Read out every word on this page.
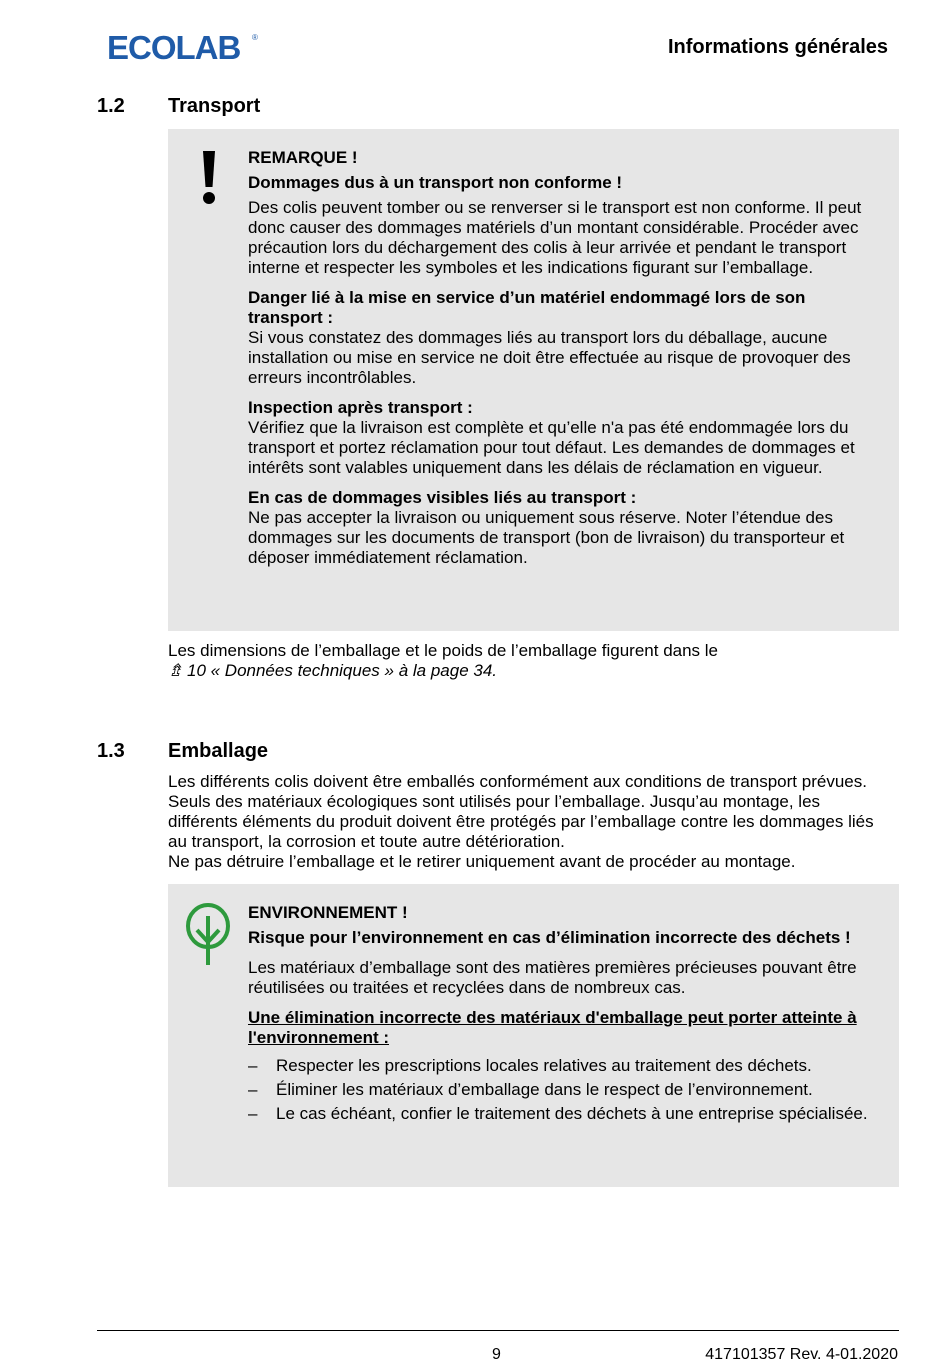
ECOLAB ®	Informations générales
1.2 Transport

REMARQUE !

Dommages dus à un transport non conforme !

Des colis peuvent tomber ou se renverser si le transport est non conforme. Il peut donc causer des dommages matériels d’un montant considérable. Procéder avec précaution lors du déchargement des colis à leur arrivée et pendant le transport interne et respecter les symboles et les indications figurant sur l’emballage.

Danger lié à la mise en service d’un matériel endommagé lors de son transport :

Si vous constatez des dommages liés au transport lors du déballage, aucune installation ou mise en service ne doit être effectuée au risque de provoquer des erreurs incontrôlables.

Inspection après transport :

Vérifiez que la livraison est complète et qu’elle n'a pas été endommagée lors du transport et portez réclamation pour tout défaut. Les demandes de dommages et intérêts sont valables uniquement dans les délais de réclamation en vigueur.

En cas de dommages visibles liés au transport :

Ne pas accepter la livraison ou uniquement sous réserve. Noter l’étendue des dommages sur les documents de transport (bon de livraison) du transporteur et déposer immédiatement réclamation.

Les dimensions de l’emballage et le poids de l’emballage figurent dans le

⇯ 10 « Données techniques » à la page 34.

1.3 Emballage

Les différents colis doivent être emballés conformément aux conditions de transport prévues. Seuls des matériaux écologiques sont utilisés pour l’emballage. Jusqu’au montage, les différents éléments du produit doivent être protégés par l’emballage contre les dommages liés au transport, la corrosion et toute autre détérioration.

Ne pas détruire l’emballage et le retirer uniquement avant de procéder au montage.

ENVIRONNEMENT !

Risque pour l’environnement en cas d’élimination incorrecte des déchets !

Les matériaux d’emballage sont des matières premières précieuses pouvant être réutilisées ou traitées et recyclées dans de nombreux cas.

Une élimination incorrecte des matériaux d'emballage peut porter atteinte à l'environnement :

– Respecter les prescriptions locales relatives au traitement des déchets.
– Éliminer les matériaux d’emballage dans le respect de l’environnement.
– Le cas échéant, confier le traitement des déchets à une entreprise spécialisée.
9	417101357 Rev. 4-01.2020
